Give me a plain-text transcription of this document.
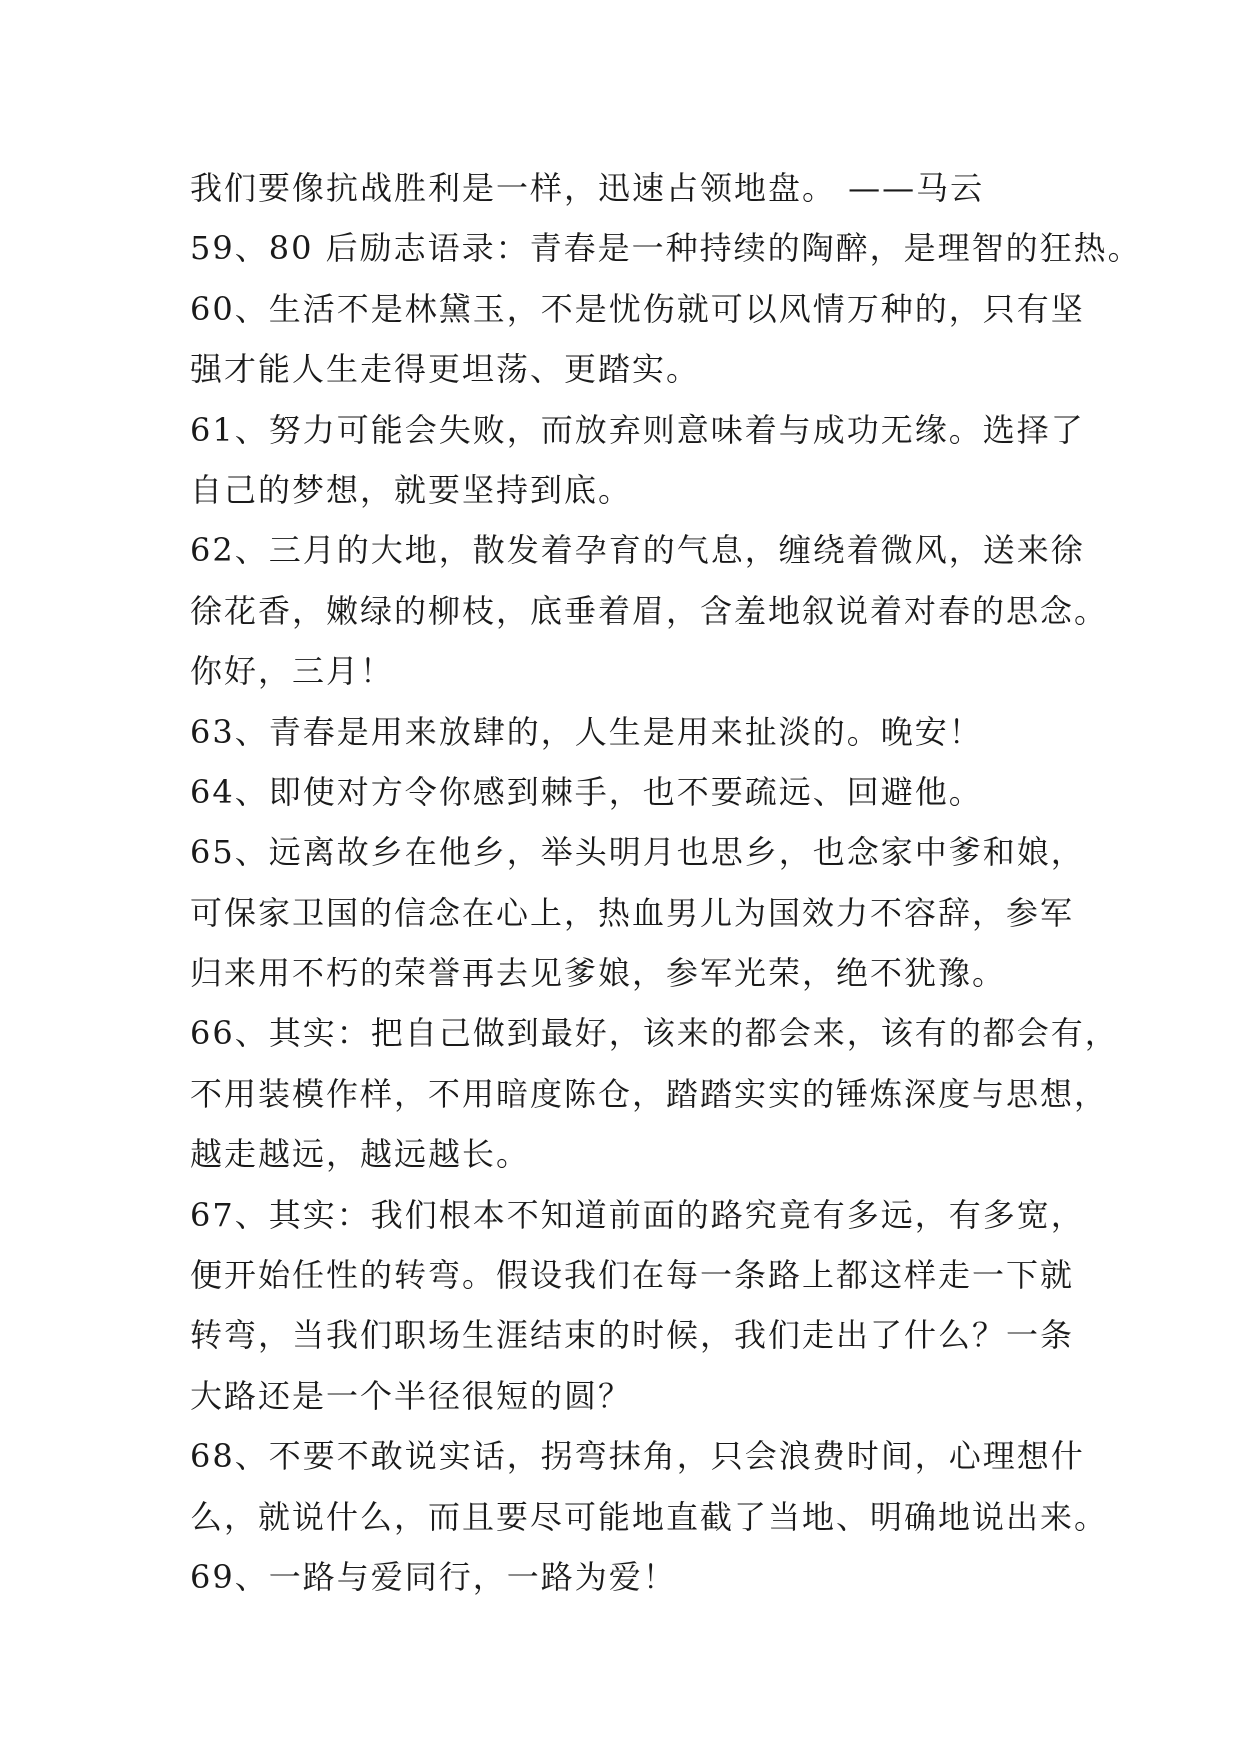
我们要像抗战胜利是一样，迅速占领地盘。 ——马云
59、80 后励志语录：青春是一种持续的陶醉，是理智的狂热。
60、生活不是林黛玉，不是忧伤就可以风情万种的，只有坚
强才能人生走得更坦荡、更踏实。
61、努力可能会失败，而放弃则意味着与成功无缘。选择了
自己的梦想，就要坚持到底。
62、三月的大地，散发着孕育的气息，缠绕着微风，送来徐
徐花香，嫩绿的柳枝，底垂着眉，含羞地叙说着对春的思念。
你好，三月！
63、青春是用来放肆的，人生是用来扯淡的。晚安！
64、即使对方令你感到棘手，也不要疏远、回避他。
65、远离故乡在他乡，举头明月也思乡，也念家中爹和娘，
可保家卫国的信念在心上，热血男儿为国效力不容辞，参军
归来用不朽的荣誉再去见爹娘，参军光荣，绝不犹豫。
66、其实：把自己做到最好，该来的都会来，该有的都会有，
不用装模作样，不用暗度陈仓，踏踏实实的锤炼深度与思想，
越走越远，越远越长。
67、其实：我们根本不知道前面的路究竟有多远，有多宽，
便开始任性的转弯。假设我们在每一条路上都这样走一下就
转弯，当我们职场生涯结束的时候，我们走出了什么？一条
大路还是一个半径很短的圆？
68、不要不敢说实话，拐弯抹角，只会浪费时间，心理想什
么，就说什么，而且要尽可能地直截了当地、明确地说出来。
69、一路与爱同行，一路为爱！
